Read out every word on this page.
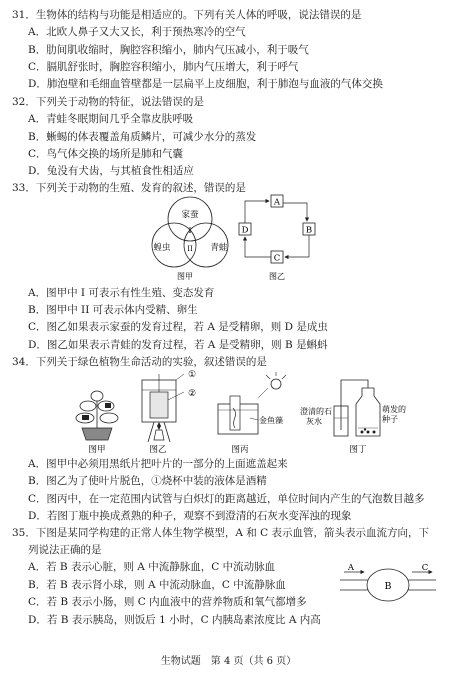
31．生物体的结构与功能是相适应的。下列有关人体的呼吸，说法错误的是
A．北欧人鼻子又大又长，利于预热寒冷的空气
B．肋间肌收缩时，胸腔容积缩小，肺内气压减小，利于吸气
C．膈肌舒张时，胸腔容积缩小，肺内气压增大，利于呼气
D．肺泡壁和毛细血管壁都是一层扁平上皮细胞，利于肺泡与血液的气体交换
32．下列关于动物的特征，说法错误的是
A．青蛙冬眠期间几乎全靠皮肤呼吸
B．蜥蜴的体表覆盖角质鳞片，可减少水分的蒸发
C．鸟气体交换的场所是肺和气囊
D．兔没有犬齿，与其植食性相适应
33．下列关于动物的生殖、发育的叙述，错误的是
家蚕
蝗虫	青蛙
I
II
图甲
A
D	B
C
图乙
A．图甲中 I 可表示有性生殖、变态发育
B．图甲中 II 可表示体内受精、卵生
C．图乙如果表示家蚕的发育过程，若 A 是受精卵，则 D 是成虫
D．图乙如果表示青蛙的发育过程，若 A 是受精卵，则 B 是蝌蚪
34．下列关于绿色植物生命活动的实验，叙述错误的是
图甲
①
②
图乙
金鱼藻
图丙
澄清的石
灰水
萌发的
种子
图丁
A．图甲中必须用黑纸片把叶片的一部分的上面遮盖起来
B．图乙为了使叶片脱色，①烧杯中装的液体是酒精
C．图丙中，在一定范围内试管与白炽灯的距离越近，单位时间内产生的气泡数目越多
D．若图丁瓶中换成煮熟的种子，观察不到澄清的石灰水变浑浊的现象
35．下图是某同学构建的正常人体生物学模型，A 和 C 表示血管，箭头表示血流方向，下
列说法正确的是
A．若 B 表示心脏，则 A 中流静脉血，C 中流动脉血
B．若 B 表示肾小球，则 A 中流动脉血，C 中流静脉血
C．若 B 表示小肠，则 C 内血液中的营养物质和氧气都增多
D．若 B 表示胰岛，则饭后 1 小时，C 内胰岛素浓度比 A 内高
A
B
C
生物试题　第 4 页（共 6 页）
